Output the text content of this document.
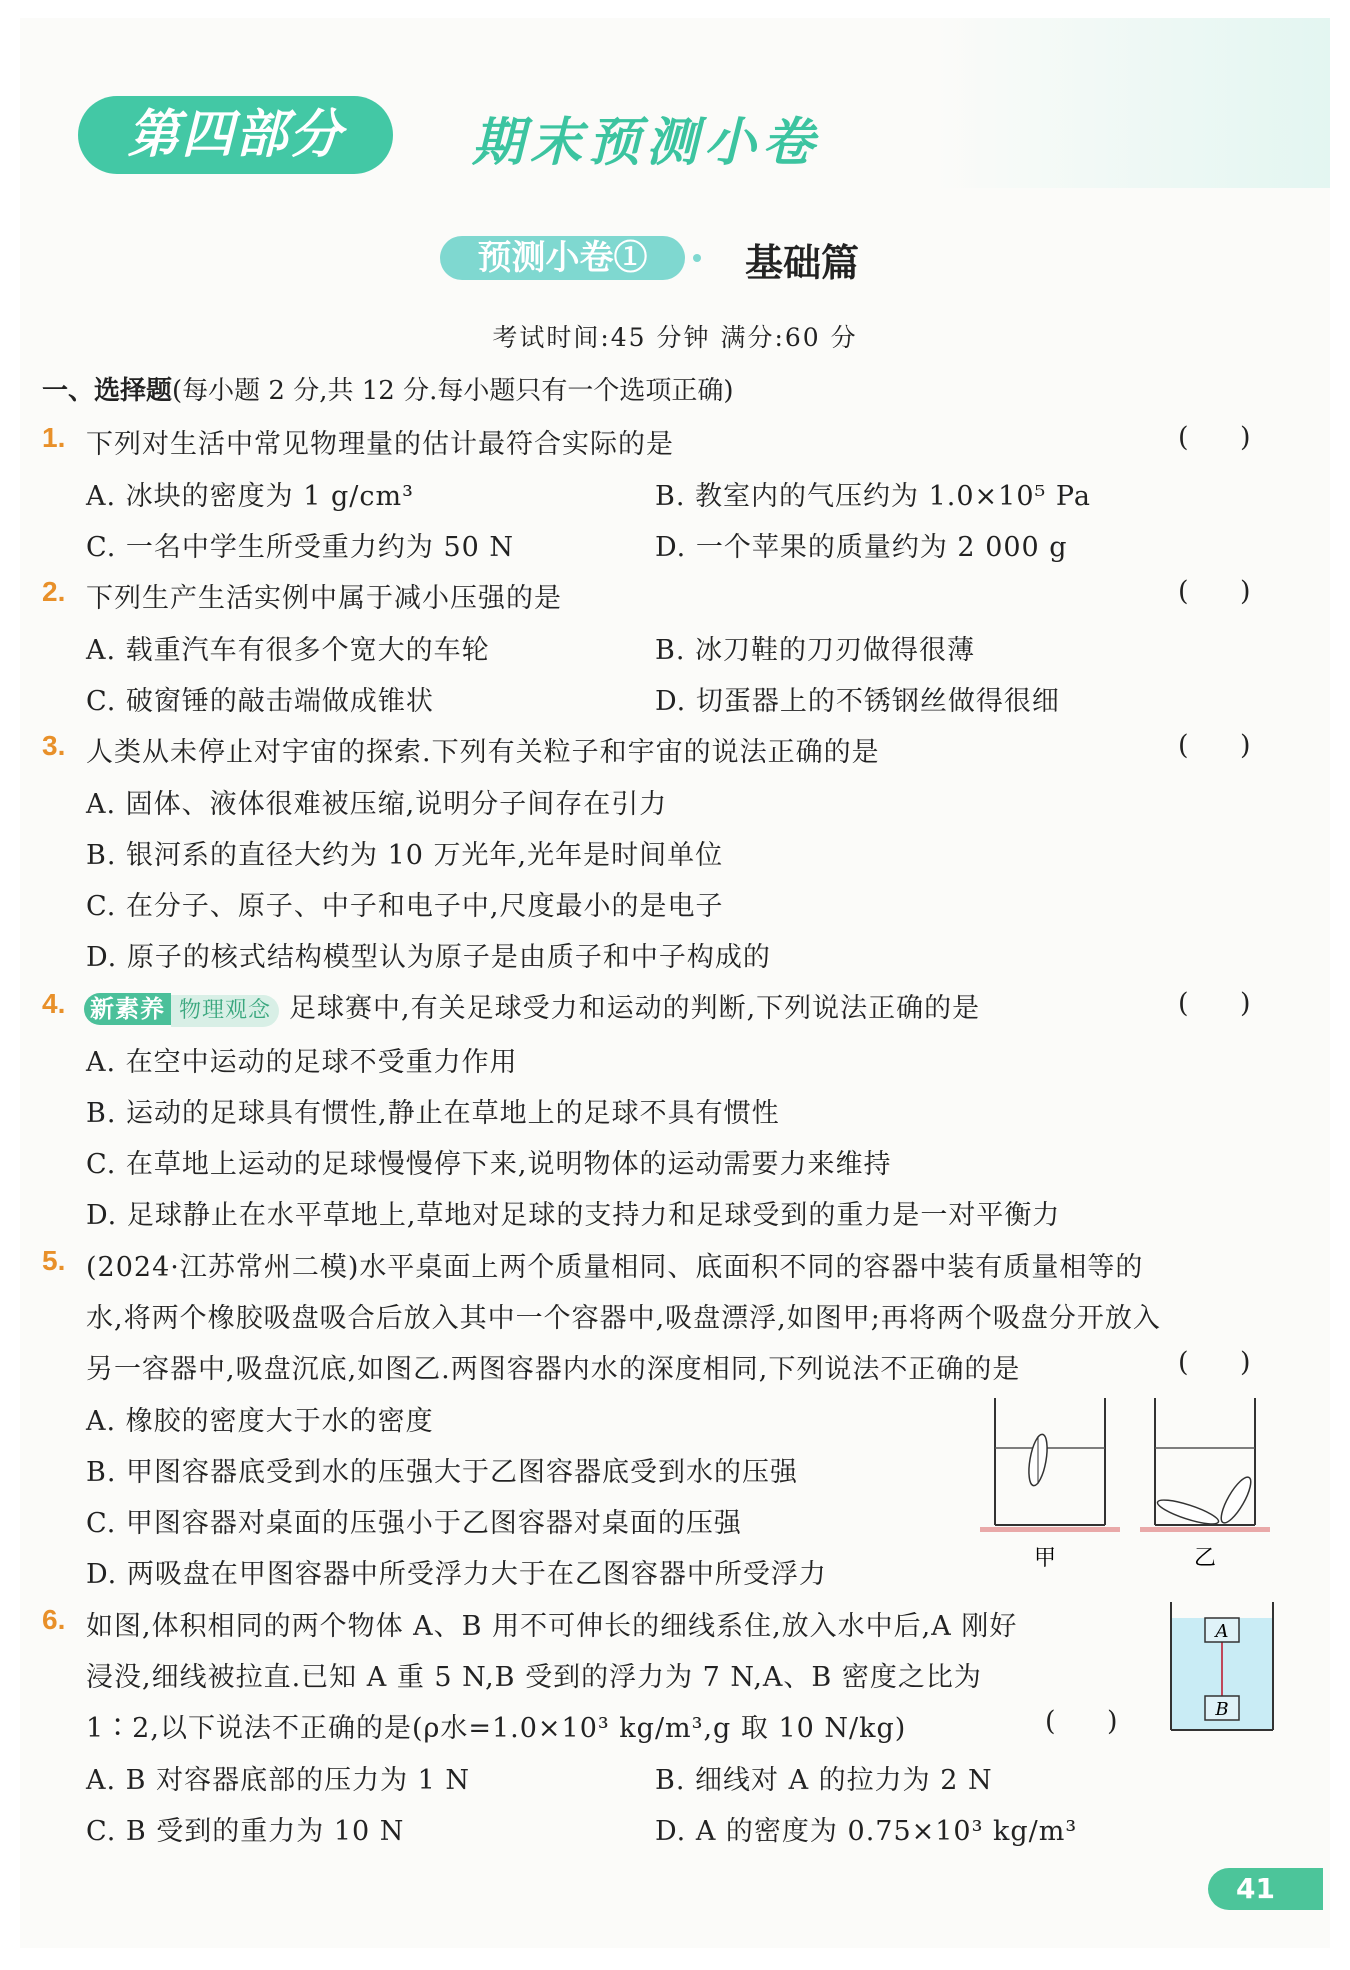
第四部分	期末预测小卷
预测小卷①	基础篇
考试时间:45 分钟 满分:60 分
一、选择题(每小题 2 分,共 12 分.每小题只有一个选项正确)
1. 下列对生活中常见物理量的估计最符合实际的是	(      )
A. 冰块的密度为 1 g/cm³	B. 教室内的气压约为 1.0×10⁵ Pa
C. 一名中学生所受重力约为 50 N	D. 一个苹果的质量约为 2 000 g
2. 下列生产生活实例中属于减小压强的是	(      )
A. 载重汽车有很多个宽大的车轮	B. 冰刀鞋的刀刃做得很薄
C. 破窗锤的敲击端做成锥状	D. 切蛋器上的不锈钢丝做得很细
3. 人类从未停止对宇宙的探索.下列有关粒子和宇宙的说法正确的是	(      )
A. 固体、液体很难被压缩,说明分子间存在引力
B. 银河系的直径大约为 10 万光年,光年是时间单位
C. 在分子、原子、中子和电子中,尺度最小的是电子
D. 原子的核式结构模型认为原子是由质子和中子构成的
4. 新素养 物理观念 足球赛中,有关足球受力和运动的判断,下列说法正确的是	(      )
A. 在空中运动的足球不受重力作用
B. 运动的足球具有惯性,静止在草地上的足球不具有惯性
C. 在草地上运动的足球慢慢停下来,说明物体的运动需要力来维持
D. 足球静止在水平草地上,草地对足球的支持力和足球受到的重力是一对平衡力
5. (2024·江苏常州二模)水平桌面上两个质量相同、底面积不同的容器中装有质量相等的
水,将两个橡胶吸盘吸合后放入其中一个容器中,吸盘漂浮,如图甲;再将两个吸盘分开放入
另一容器中,吸盘沉底,如图乙.两图容器内水的深度相同,下列说法不正确的是	(      )
A. 橡胶的密度大于水的密度
B. 甲图容器底受到水的压强大于乙图容器底受到水的压强
C. 甲图容器对桌面的压强小于乙图容器对桌面的压强
D. 两吸盘在甲图容器中所受浮力大于在乙图容器中所受浮力
甲	乙
6. 如图,体积相同的两个物体 A、B 用不可伸长的细线系住,放入水中后,A 刚好
浸没,细线被拉直.已知 A 重 5 N,B 受到的浮力为 7 N,A、B 密度之比为
1∶2,以下说法不正确的是(ρ水=1.0×10³ kg/m³,g 取 10 N/kg)	(      )
A. B 对容器底部的压力为 1 N	B. 细线对 A 的拉力为 2 N
C. B 受到的重力为 10 N	D. A 的密度为 0.75×10³ kg/m³
A
B
41
